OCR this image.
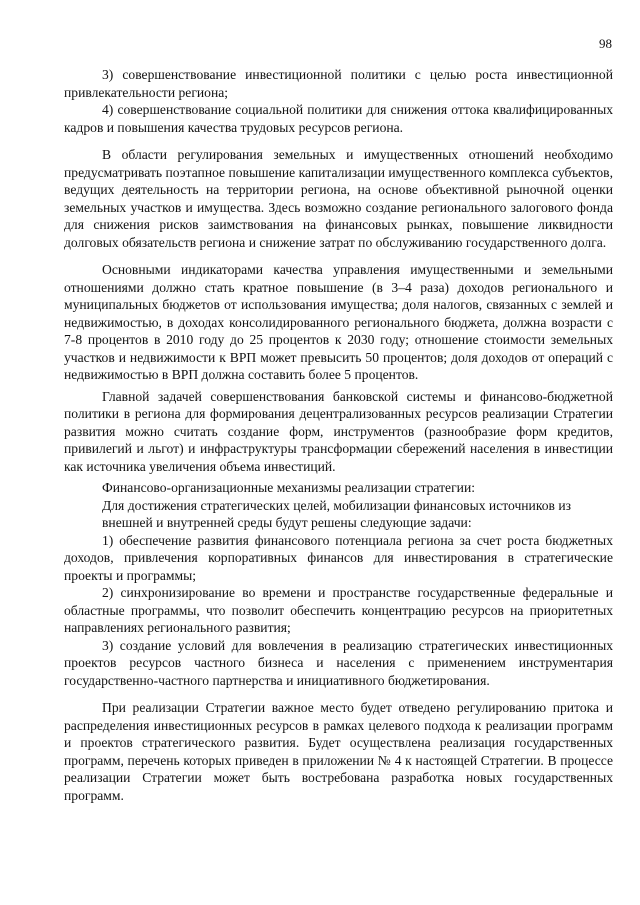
98

3) совершенствование инвестиционной политики с целью роста инвестиционной привлекательности региона;

4) совершенствование социальной политики для снижения оттока квалифицированных кадров и повышения качества трудовых ресурсов региона.

В области регулирования земельных и имущественных отношений необходимо предусматривать поэтапное повышение капитализации имущественного комплекса субъектов, ведущих деятельность на территории региона, на основе объективной рыночной оценки земельных участков и имущества. Здесь возможно создание регионального залогового фонда для снижения рисков заимствования на финансовых рынках, повышение ликвидности долговых обязательств региона и снижение затрат по обслуживанию государственного долга.

Основными индикаторами качества управления имущественными и земельными отношениями должно стать кратное повышение (в 3–4 раза) доходов регионального и муниципальных бюджетов от использования имущества; доля налогов, связанных с землей и недвижимостью, в доходах консолидированного регионального бюджета, должна возрасти с 7-8 процентов в 2010 году до 25 процентов к 2030 году; отношение стоимости земельных участков и недвижимости к ВРП может превысить 50 процентов; доля доходов от операций с недвижимостью в ВРП должна составить более 5 процентов.

Главной задачей совершенствования банковской системы и финансово-бюджетной политики в региона для формирования децентрализованных ресурсов реализации Стратегии развития можно считать создание форм, инструментов (разнообразие форм кредитов, привилегий и льгот) и инфраструктуры трансформации сбережений населения в инвестиции как источника увеличения объема инвестиций.

Финансово-организационные механизмы реализации стратегии:

Для достижения стратегических целей, мобилизации финансовых источников из внешней и внутренней среды будут решены следующие задачи:

1) обеспечение развития финансового потенциала региона за счет роста бюджетных доходов, привлечения корпоративных финансов для инвестирования в стратегические проекты и программы;

2) синхронизирование во времени и пространстве государственные федеральные и областные программы, что позволит обеспечить концентрацию ресурсов на приоритетных направлениях регионального развития;

3) создание условий для вовлечения в реализацию стратегических инвестиционных проектов ресурсов частного бизнеса и населения с применением инструментария государственно-частного партнерства и инициативного бюджетирования.

При реализации Стратегии важное место будет отведено регулированию притока и распределения инвестиционных ресурсов в рамках целевого подхода к реализации программ и проектов стратегического развития. Будет осуществлена реализация государственных программ, перечень которых приведен в приложении № 4 к настоящей Стратегии. В процессе реализации Стратегии может быть востребована разработка новых государственных программ.
